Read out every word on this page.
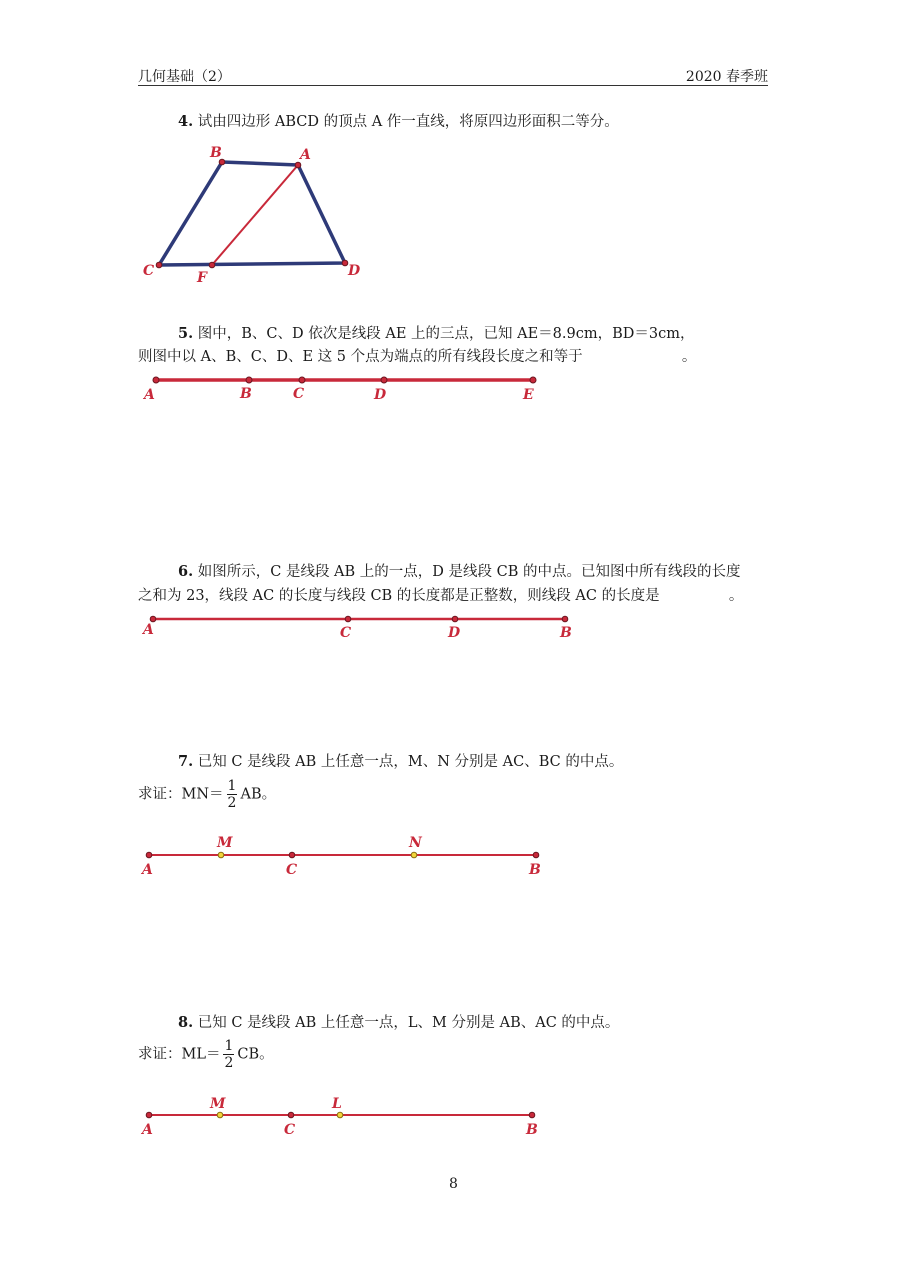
几何基础（2）	2020 春季班
4. 试由四边形 ABCD 的顶点 A 作一直线，将原四边形面积二等分。
B	A
C	F	D
A	B	C	D	E
A	C	D	B
A
M
C
N
B
A
M
C
L
B
5. 图中，B、C、D 依次是线段 AE 上的三点，已知 AE＝8.9cm，BD＝3cm，
则图中以 A、B、C、D、E 这 5 个点为端点的所有线段长度之和等于	。
6. 如图所示，C 是线段 AB 上的一点，D 是线段 CB 的中点。已知图中所有线段的长度
之和为 23，线段 AC 的长度与线段 CB 的长度都是正整数，则线段 AC 的长度是	。
7. 已知 C 是线段 AB 上任意一点，M、N 分别是 AC、BC 的中点。
求证：$MN= \frac{1}{2}$ AB。
8. 已知 C 是线段 AB 上任意一点，L、M 分别是 AB、AC 的中点。
求证：$ML= \frac{1}{2}$ CB。
8
